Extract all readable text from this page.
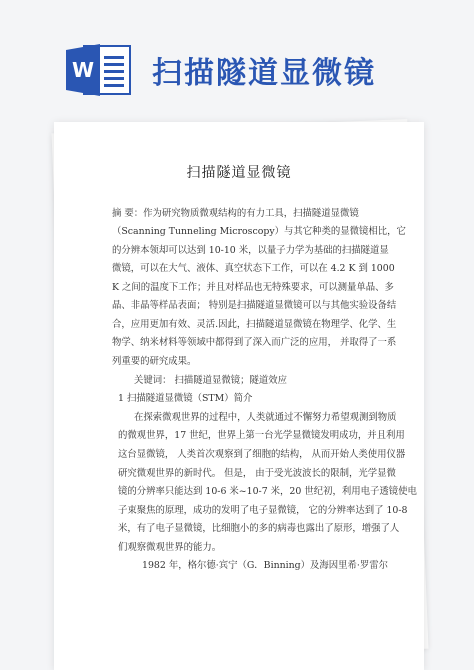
W 扫描隧道显微镜
扫描隧道显微镜
摘 要：作为研究物质微观结构的有力工具，扫描隧道显微镜
（Scanning Tunneling Microscopy）与其它种类的显微镜相比，它
的分辨本领却可以达到 10-10 米，以量子力学为基础的扫描隧道显
微镜，可以在大气、液体、真空状态下工作，可以在 4.2 K 到 1000
K 之间的温度下工作；并且对样品也无特殊要求，可以测量单晶、多
晶、非晶等样品表面； 特别是扫描隧道显微镜可以与其他实验设备结
合，应用更加有效、灵活.因此，扫描隧道显微镜在物理学、化学、生
物学、纳米材料等领域中都得到了深入而广泛的应用， 并取得了一系
列重要的研究成果。
关键词： 扫描隧道显微镜；隧道效应
1 扫描隧道显微镜（STM）简介
在探索微观世界的过程中，人类就通过不懈努力希望观测到物质
的微观世界，17 世纪，世界上第一台光学显微镜发明成功，并且利用
这台显微镜， 人类首次观察到了细胞的结构， 从而开始人类使用仪器
研究微观世界的新时代。 但是， 由于受光波波长的限制，光学显微
镜的分辨率只能达到 10-6 米~10-7 米，20 世纪初，利用电子透镜使电
子束聚焦的原理，成功的发明了电子显微镜， 它的分辨率达到了 10-8
米，有了电子显微镜，比细胞小的多的病毒也露出了原形，增强了人
们观察微观世界的能力。
1982 年，格尔德·宾宁（G．Binning）及海因里希·罗雷尔
